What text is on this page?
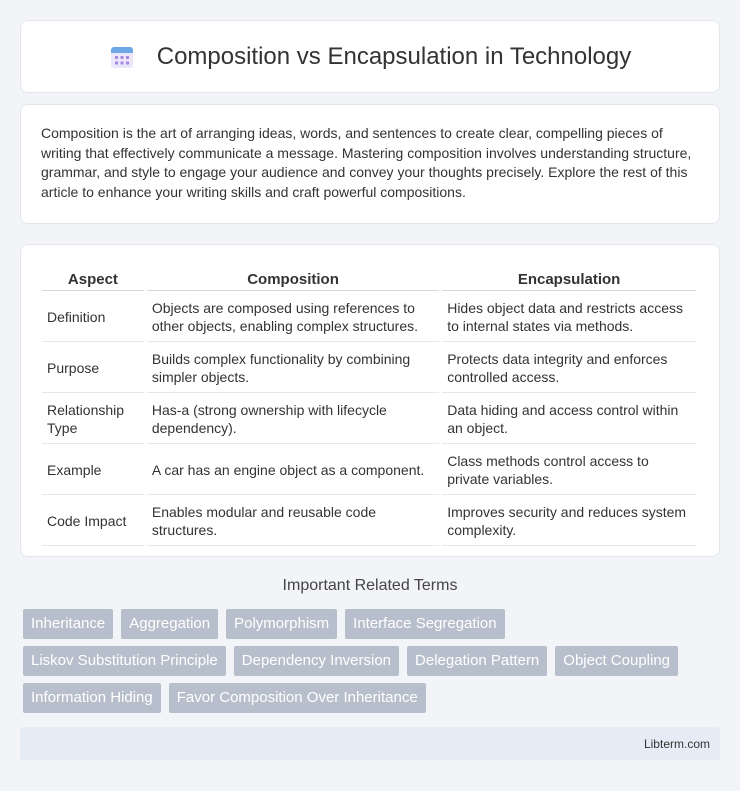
Composition vs Encapsulation in Technology

Composition is the art of arranging ideas, words, and sentences to create clear, compelling pieces of writing that effectively communicate a message. Mastering composition involves understanding structure, grammar, and style to engage your audience and convey your thoughts precisely. Explore the rest of this article to enhance your writing skills and craft powerful compositions.

Aspect	Composition	Encapsulation
Definition	Objects are composed using references to other objects, enabling complex structures.	Hides object data and restricts access to internal states via methods.
Purpose	Builds complex functionality by combining simpler objects.	Protects data integrity and enforces controlled access.
Relationship Type	Has-a (strong ownership with lifecycle dependency).	Data hiding and access control within an object.
Example	A car has an engine object as a component.	Class methods control access to private variables.
Code Impact	Enables modular and reusable code structures.	Improves security and reduces system complexity.
Important Related Terms
Inheritance	Aggregation	Polymorphism	Interface Segregation
Liskov Substitution Principle	Dependency Inversion	Delegation Pattern	Object Coupling
Information Hiding	Favor Composition Over Inheritance
Libterm.com
